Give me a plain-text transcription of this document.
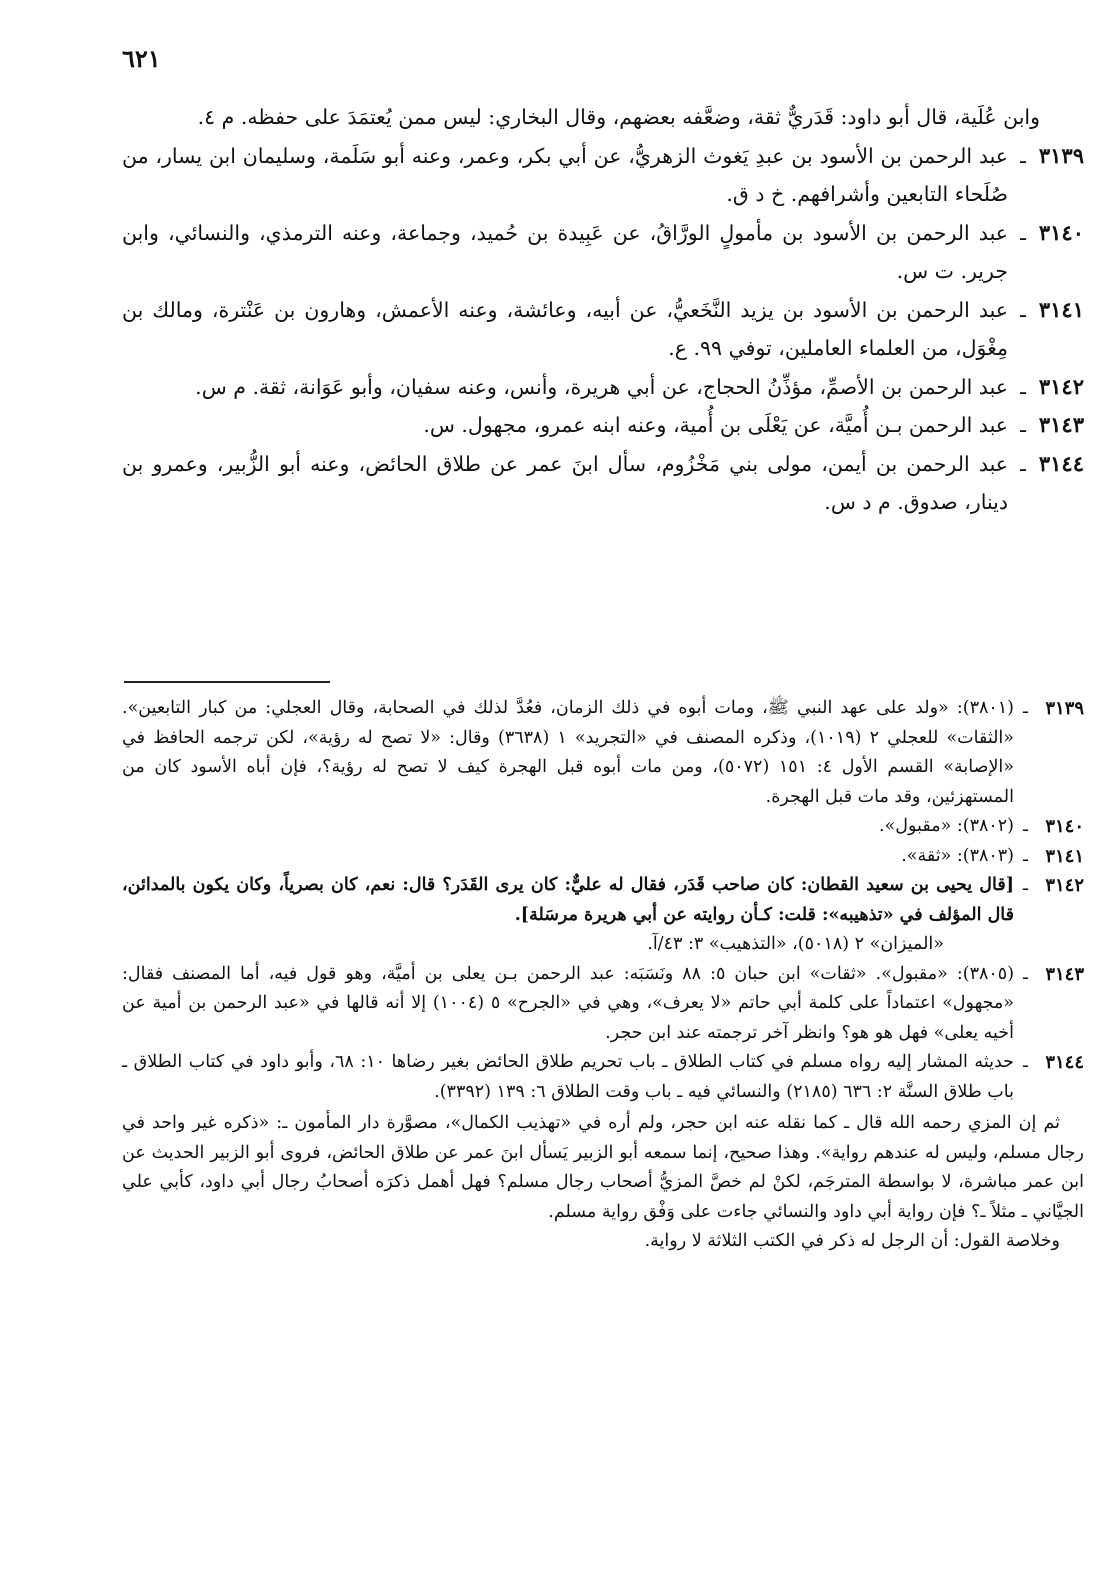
٦٢١

وابن عُلَية، قال أبو داود: قَدَريٌّ ثقة، وضعَّفه بعضهم، وقال البخاري: ليس ممن يُعتمَدَ على حفظه. م ٤.

٣١٣٩
ـ

عبد الرحمن بن الأسود بن عبدِ يَغوث الزهريُّ، عن أبي بكر، وعمر، وعنه أبو سَلَمة، وسليمان ابن يسار، من صُلَحاء التابعين وأشرافهم. خ د ق.

٣١٤٠
ـ

عبد الرحمن بن الأسود بن مأمولٍ الورَّاقُ، عن عَبِيدة بن حُميد، وجماعة، وعنه الترمذي، والنسائي، وابن جرير. ت س.

٣١٤١
ـ

عبد الرحمن بن الأسود بن يزيد النَّخَعيُّ، عن أبيه، وعائشة، وعنه الأعمش، وهارون بن عَنْترة، ومالك بن مِغْوَل، من العلماء العاملين، توفي ٩٩. ع.

٣١٤٢
ـ

عبد الرحمن بن الأصمِّ، مؤذِّنُ الحجاج، عن أبي هريرة، وأنس، وعنه سفيان، وأبو عَوَانة، ثقة. م س.

٣١٤٣
ـ

عبد الرحمن بـن أُميَّة، عن يَعْلَى بن أُمية، وعنه ابنه عمرو، مجهول. س.

٣١٤٤
ـ

عبد الرحمن بن أيمن، مولى بني مَخْزُوم، سأل ابنَ عمر عن طلاق الحائض، وعنه أبو الزُّبير، وعمرو بن دينار، صدوق. م د س.

٣١٣٩
ـ

(٣٨٠١): «ولد على عهد النبي ﷺ، ومات أبوه في ذلك الزمان، فعُدَّ لذلك في الصحابة، وقال العجلي: من كبار التابعين». «الثقات» للعجلي ٢ (١٠١٩)، وذكره المصنف في «التجريد» ١ (٣٦٣٨) وقال: «لا تصح له رؤية»، لكن ترجمه الحافظ في «الإصابة» القسم الأول ٤: ١٥١ (٥٠٧٢)، ومن مات أبوه قبل الهجرة كيف لا تصح له رؤية؟، فإن أباه الأسود كان من المستهزئين، وقد مات قبل الهجرة.

٣١٤٠
ـ

(٣٨٠٢): «مقبول».

٣١٤١
ـ

(٣٨٠٣): «ثقة».

٣١٤٢
ـ

[قال يحيى بن سعيد القطان: كان صاحب قَدَر، فقال له عليٌّ: كان يرى القَدَر؟ قال: نعم، كان بصرياً، وكان يكون بالمدائن، قال المؤلف في «تذهيبه»: قلت: كـأن روايته عن أبي هريرة مرسَلة].

«الميزان» ٢ (٥٠١٨)، «التذهيب» ٣: ٤٣/آ.

٣١٤٣
ـ

(٣٨٠٥): «مقبول». «ثقات» ابن حبان ٥: ٨٨ ونَسَبَه: عبد الرحمن بـن يعلى بن أميَّة، وهو قول فيه، أما المصنف فقال: «مجهول» اعتماداً على كلمة أبي حاتم «لا يعرف»، وهي في «الجرح» ٥ (١٠٠٤) إلا أنه قالها في «عبد الرحمن بن أمية عن أخيه يعلى» فهل هو هو؟ وانظر آخر ترجمته عند ابن حجر.

٣١٤٤
ـ

حديثه المشار إليه رواه مسلم في كتاب الطلاق ـ باب تحريم طلاق الحائض بغير رضاها ١٠: ٦٨، وأبو داود في كتاب الطلاق ـ باب طلاق السنَّة ٢: ٦٣٦ (٢١٨٥) والنسائي فيه ـ باب وقت الطلاق ٦: ١٣٩ (٣٣٩٢).

ثم إن المزي رحمه الله قال ـ كما نقله عنه ابن حجر، ولم أره في «تهذيب الكمال»، مصوَّرة دار المأمون ـ: «ذكره غير واحد في رجال مسلم، وليس له عندهم رواية». وهذا صحيح، إنما سمعه أبو الزبير يَسأل ابنَ عمر عن طلاق الحائض، فروى أبو الزبير الحديث عن ابن عمر مباشرة، لا بواسطة المترجَم، لكنْ لم خصَّ المزيُّ أصحاب رجال مسلم؟ فهل أهمل ذكرَه أصحابُ رجال أبي داود، كأبي علي الجيَّاني ـ مثلاً ـ؟ فإن رواية أبي داود والنسائي جاءت على وَفْق رواية مسلم.

وخلاصة القول: أن الرجل له ذكر في الكتب الثلاثة لا رواية.
